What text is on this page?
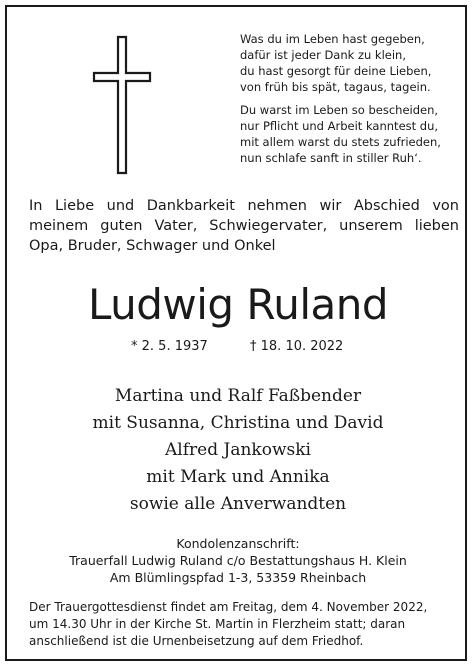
Was du im Leben hast gegeben,
dafür ist jeder Dank zu klein,
du hast gesorgt für deine Lieben,
von früh bis spät, tagaus, tagein.
Du warst im Leben so bescheiden,
nur Pflicht und Arbeit kanntest du,
mit allem warst du stets zufrieden,
nun schlafe sanft in stiller Ruh‘.
In Liebe und Dankbarkeit nehmen wir Abschied von
meinem guten Vater, Schwiegervater, unserem lieben
Opa, Bruder, Schwager und Onkel
Ludwig Ruland
* 2. 5. 1937	† 18. 10. 2022
Martina und Ralf Faßbender
mit Susanna, Christina und David
Alfred Jankowski
mit Mark und Annika
sowie alle Anverwandten
Kondolenzanschrift:
Trauerfall Ludwig Ruland c/o Bestattungshaus H. Klein
Am Blümlingspfad 1-3, 53359 Rheinbach
Der Trauergottesdienst findet am Freitag, dem 4. November 2022,
um 14.30 Uhr in der Kirche St. Martin in Flerzheim statt; daran
anschließend ist die Urnenbeisetzung auf dem Friedhof.
